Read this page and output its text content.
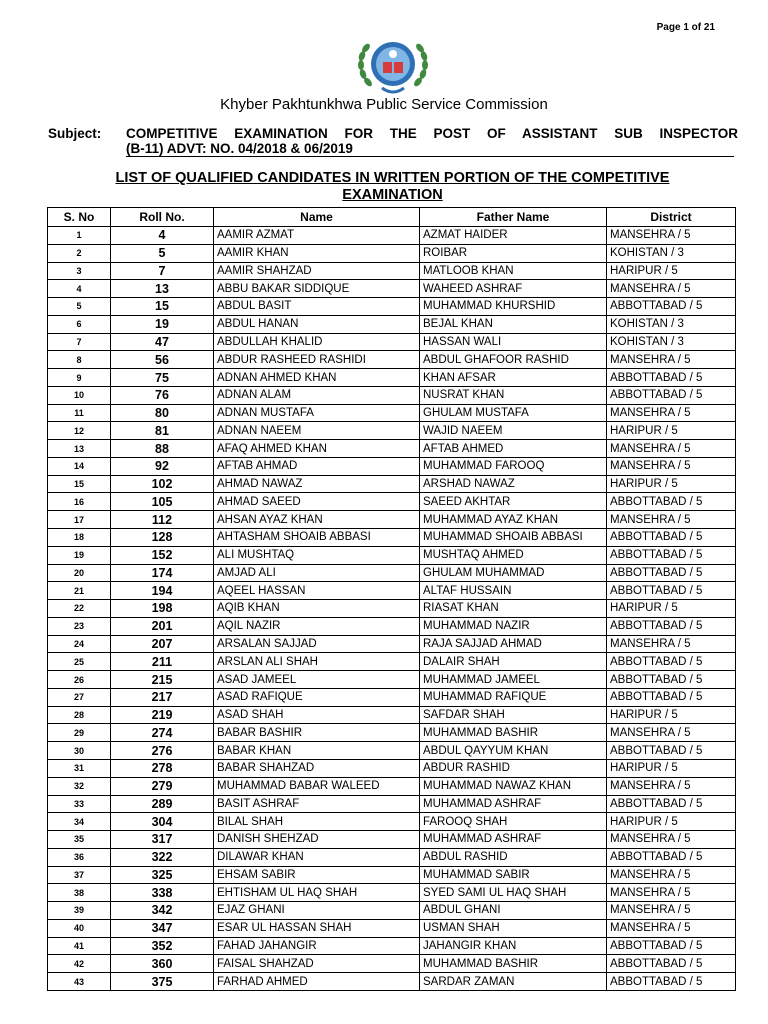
Page 1 of 21
Khyber Pakhtunkhwa Public Service Commission
Subject: COMPETITIVE EXAMINATION FOR THE POST OF ASSISTANT SUB INSPECTOR
(B-11) ADVT: NO. 04/2018 & 06/2019
LIST OF QUALIFIED CANDIDATES IN WRITTEN PORTION OF THE COMPETITIVE
EXAMINATION
S. No	Roll No.	Name	Father Name	District
1	4	AAMIR AZMAT	AZMAT HAIDER	MANSEHRA / 5
2	5	AAMIR KHAN	ROIBAR	KOHISTAN / 3
3	7	AAMIR SHAHZAD	MATLOOB KHAN	HARIPUR / 5
4	13	ABBU BAKAR SIDDIQUE	WAHEED ASHRAF	MANSEHRA / 5
5	15	ABDUL BASIT	MUHAMMAD KHURSHID	ABBOTTABAD / 5
6	19	ABDUL HANAN	BEJAL KHAN	KOHISTAN / 3
7	47	ABDULLAH KHALID	HASSAN WALI	KOHISTAN / 3
8	56	ABDUR RASHEED RASHIDI	ABDUL GHAFOOR RASHID	MANSEHRA / 5
9	75	ADNAN AHMED KHAN	KHAN AFSAR	ABBOTTABAD / 5
10	76	ADNAN ALAM	NUSRAT KHAN	ABBOTTABAD / 5
11	80	ADNAN MUSTAFA	GHULAM MUSTAFA	MANSEHRA / 5
12	81	ADNAN NAEEM	WAJID NAEEM	HARIPUR / 5
13	88	AFAQ AHMED KHAN	AFTAB AHMED	MANSEHRA / 5
14	92	AFTAB AHMAD	MUHAMMAD FAROOQ	MANSEHRA / 5
15	102	AHMAD NAWAZ	ARSHAD NAWAZ	HARIPUR / 5
16	105	AHMAD SAEED	SAEED AKHTAR	ABBOTTABAD / 5
17	112	AHSAN AYAZ KHAN	MUHAMMAD AYAZ KHAN	MANSEHRA / 5
18	128	AHTASHAM SHOAIB ABBASI	MUHAMMAD SHOAIB ABBASI	ABBOTTABAD / 5
19	152	ALI MUSHTAQ	MUSHTAQ AHMED	ABBOTTABAD / 5
20	174	AMJAD ALI	GHULAM MUHAMMAD	ABBOTTABAD / 5
21	194	AQEEL HASSAN	ALTAF HUSSAIN	ABBOTTABAD / 5
22	198	AQIB KHAN	RIASAT KHAN	HARIPUR / 5
23	201	AQIL NAZIR	MUHAMMAD NAZIR	ABBOTTABAD / 5
24	207	ARSALAN SAJJAD	RAJA SAJJAD AHMAD	MANSEHRA / 5
25	211	ARSLAN ALI SHAH	DALAIR SHAH	ABBOTTABAD / 5
26	215	ASAD JAMEEL	MUHAMMAD JAMEEL	ABBOTTABAD / 5
27	217	ASAD RAFIQUE	MUHAMMAD RAFIQUE	ABBOTTABAD / 5
28	219	ASAD SHAH	SAFDAR SHAH	HARIPUR / 5
29	274	BABAR BASHIR	MUHAMMAD BASHIR	MANSEHRA / 5
30	276	BABAR KHAN	ABDUL QAYYUM KHAN	ABBOTTABAD / 5
31	278	BABAR SHAHZAD	ABDUR RASHID	HARIPUR / 5
32	279	MUHAMMAD BABAR WALEED	MUHAMMAD NAWAZ KHAN	MANSEHRA / 5
33	289	BASIT ASHRAF	MUHAMMAD ASHRAF	ABBOTTABAD / 5
34	304	BILAL SHAH	FAROOQ SHAH	HARIPUR / 5
35	317	DANISH SHEHZAD	MUHAMMAD ASHRAF	MANSEHRA / 5
36	322	DILAWAR KHAN	ABDUL RASHID	ABBOTTABAD / 5
37	325	EHSAM SABIR	MUHAMMAD SABIR	MANSEHRA / 5
38	338	EHTISHAM UL HAQ SHAH	SYED SAMI UL HAQ SHAH	MANSEHRA / 5
39	342	EJAZ GHANI	ABDUL GHANI	MANSEHRA / 5
40	347	ESAR UL HASSAN SHAH	USMAN SHAH	MANSEHRA / 5
41	352	FAHAD JAHANGIR	JAHANGIR KHAN	ABBOTTABAD / 5
42	360	FAISAL SHAHZAD	MUHAMMAD BASHIR	ABBOTTABAD / 5
43	375	FARHAD AHMED	SARDAR ZAMAN	ABBOTTABAD / 5
